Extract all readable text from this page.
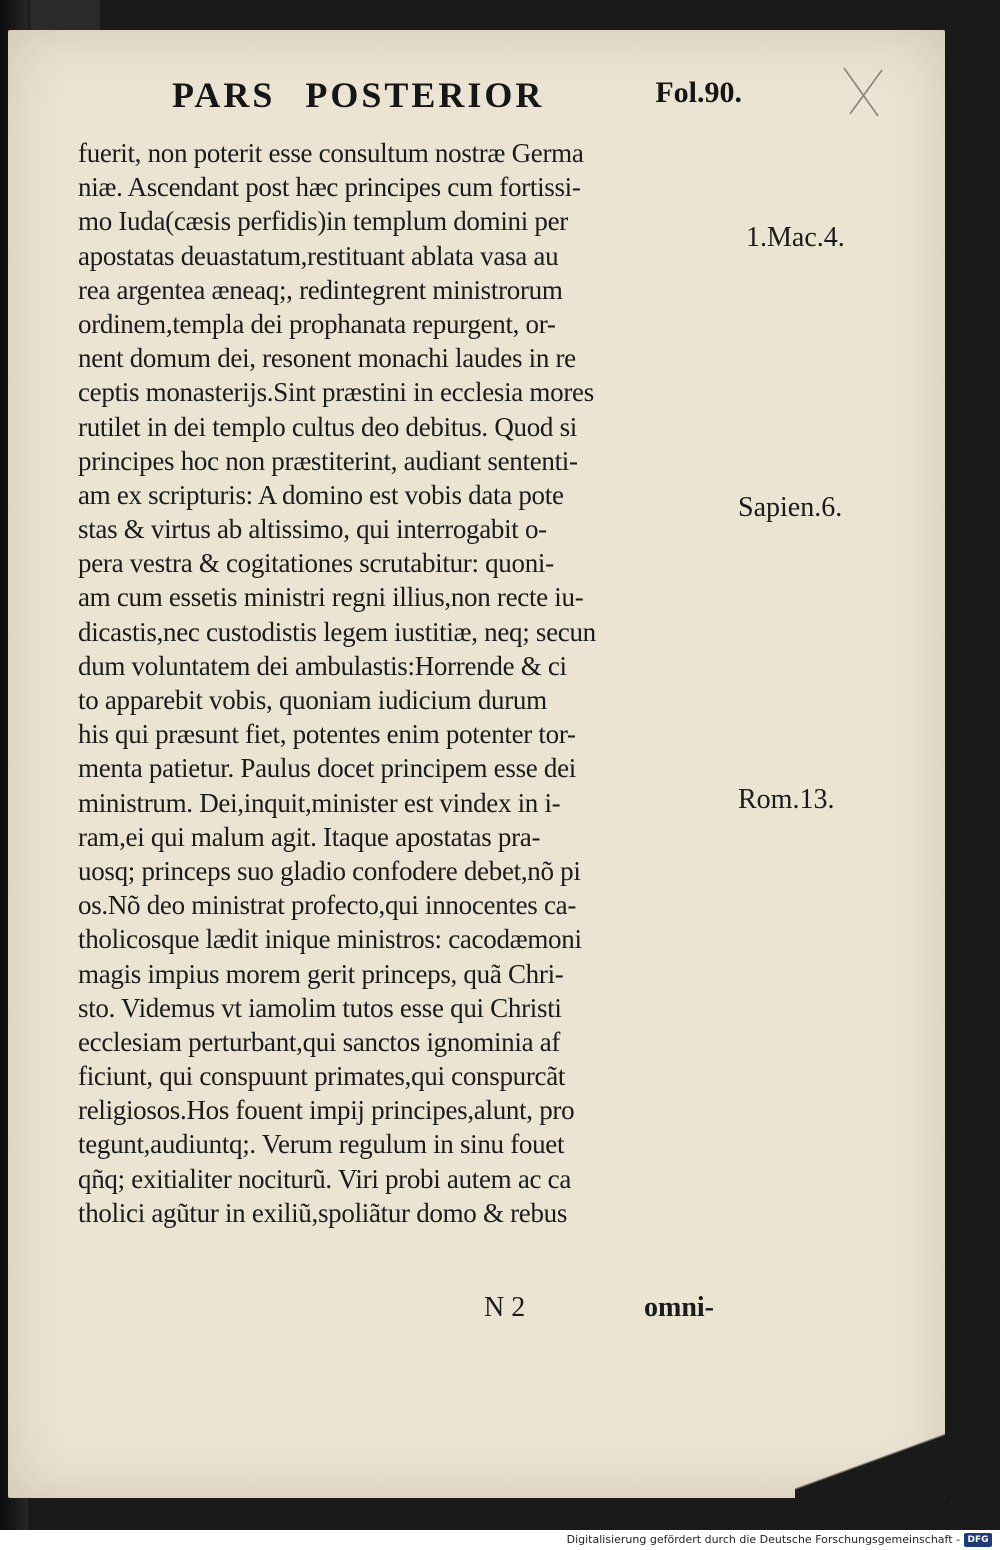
PARS POSTERIOR	Fol.90.
fuerit, non poterit esse consultum nostræ Germa
niæ. Ascendant post hæc principes cum fortissi-
mo Iuda(cæsis perfidis)in templum domini per
apostatas deuastatum,restituant ablata vasa au
rea argentea æneaq;, redintegrent ministrorum
ordinem,templa dei prophanata repurgent, or-
nent domum dei, resonent monachi laudes in re
ceptis monasterijs.Sint præstini in ecclesia mores
rutilet in dei templo cultus deo debitus. Quod si
principes hoc non præstiterint, audiant sententi-
am ex scripturis: A domino est vobis data pote
stas & virtus ab altissimo, qui interrogabit o-
pera vestra & cogitationes scrutabitur: quoni-
am cum essetis ministri regni illius,non recte iu-
dicastis,nec custodistis legem iustitiæ, neq; secun
dum voluntatem dei ambulastis:Horrende & ci
to apparebit vobis, quoniam iudicium durum
his qui præsunt fiet, potentes enim potenter tor-
menta patietur. Paulus docet principem esse dei
ministrum. Dei,inquit,minister est vindex in i-
ram,ei qui malum agit. Itaque apostatas pra-
uosq; princeps suo gladio confodere debet,nõ pi
os.Nõ deo ministrat profecto,qui innocentes ca-
tholicosque lædit inique ministros: cacodæmoni
magis impius morem gerit princeps, quã Chri-
sto. Videmus vt iamolim tutos esse qui Christi
ecclesiam perturbant,qui sanctos ignominia af
ficiunt, qui conspuunt primates,qui conspurcãt
religiosos.Hos fouent impij principes,alunt, pro
tegunt,audiuntq;. Verum regulum in sinu fouet
qñq; exitialiter nociturũ. Viri probi autem ac ca
tholici agũtur in exiliũ,spoliãtur domo & rebus
N 2	omni-
1.Mac.4.
Sapien.6.
Rom.13.
Digitalisierung gefördert durch die Deutsche Forschungsgemeinschaft - DFG
